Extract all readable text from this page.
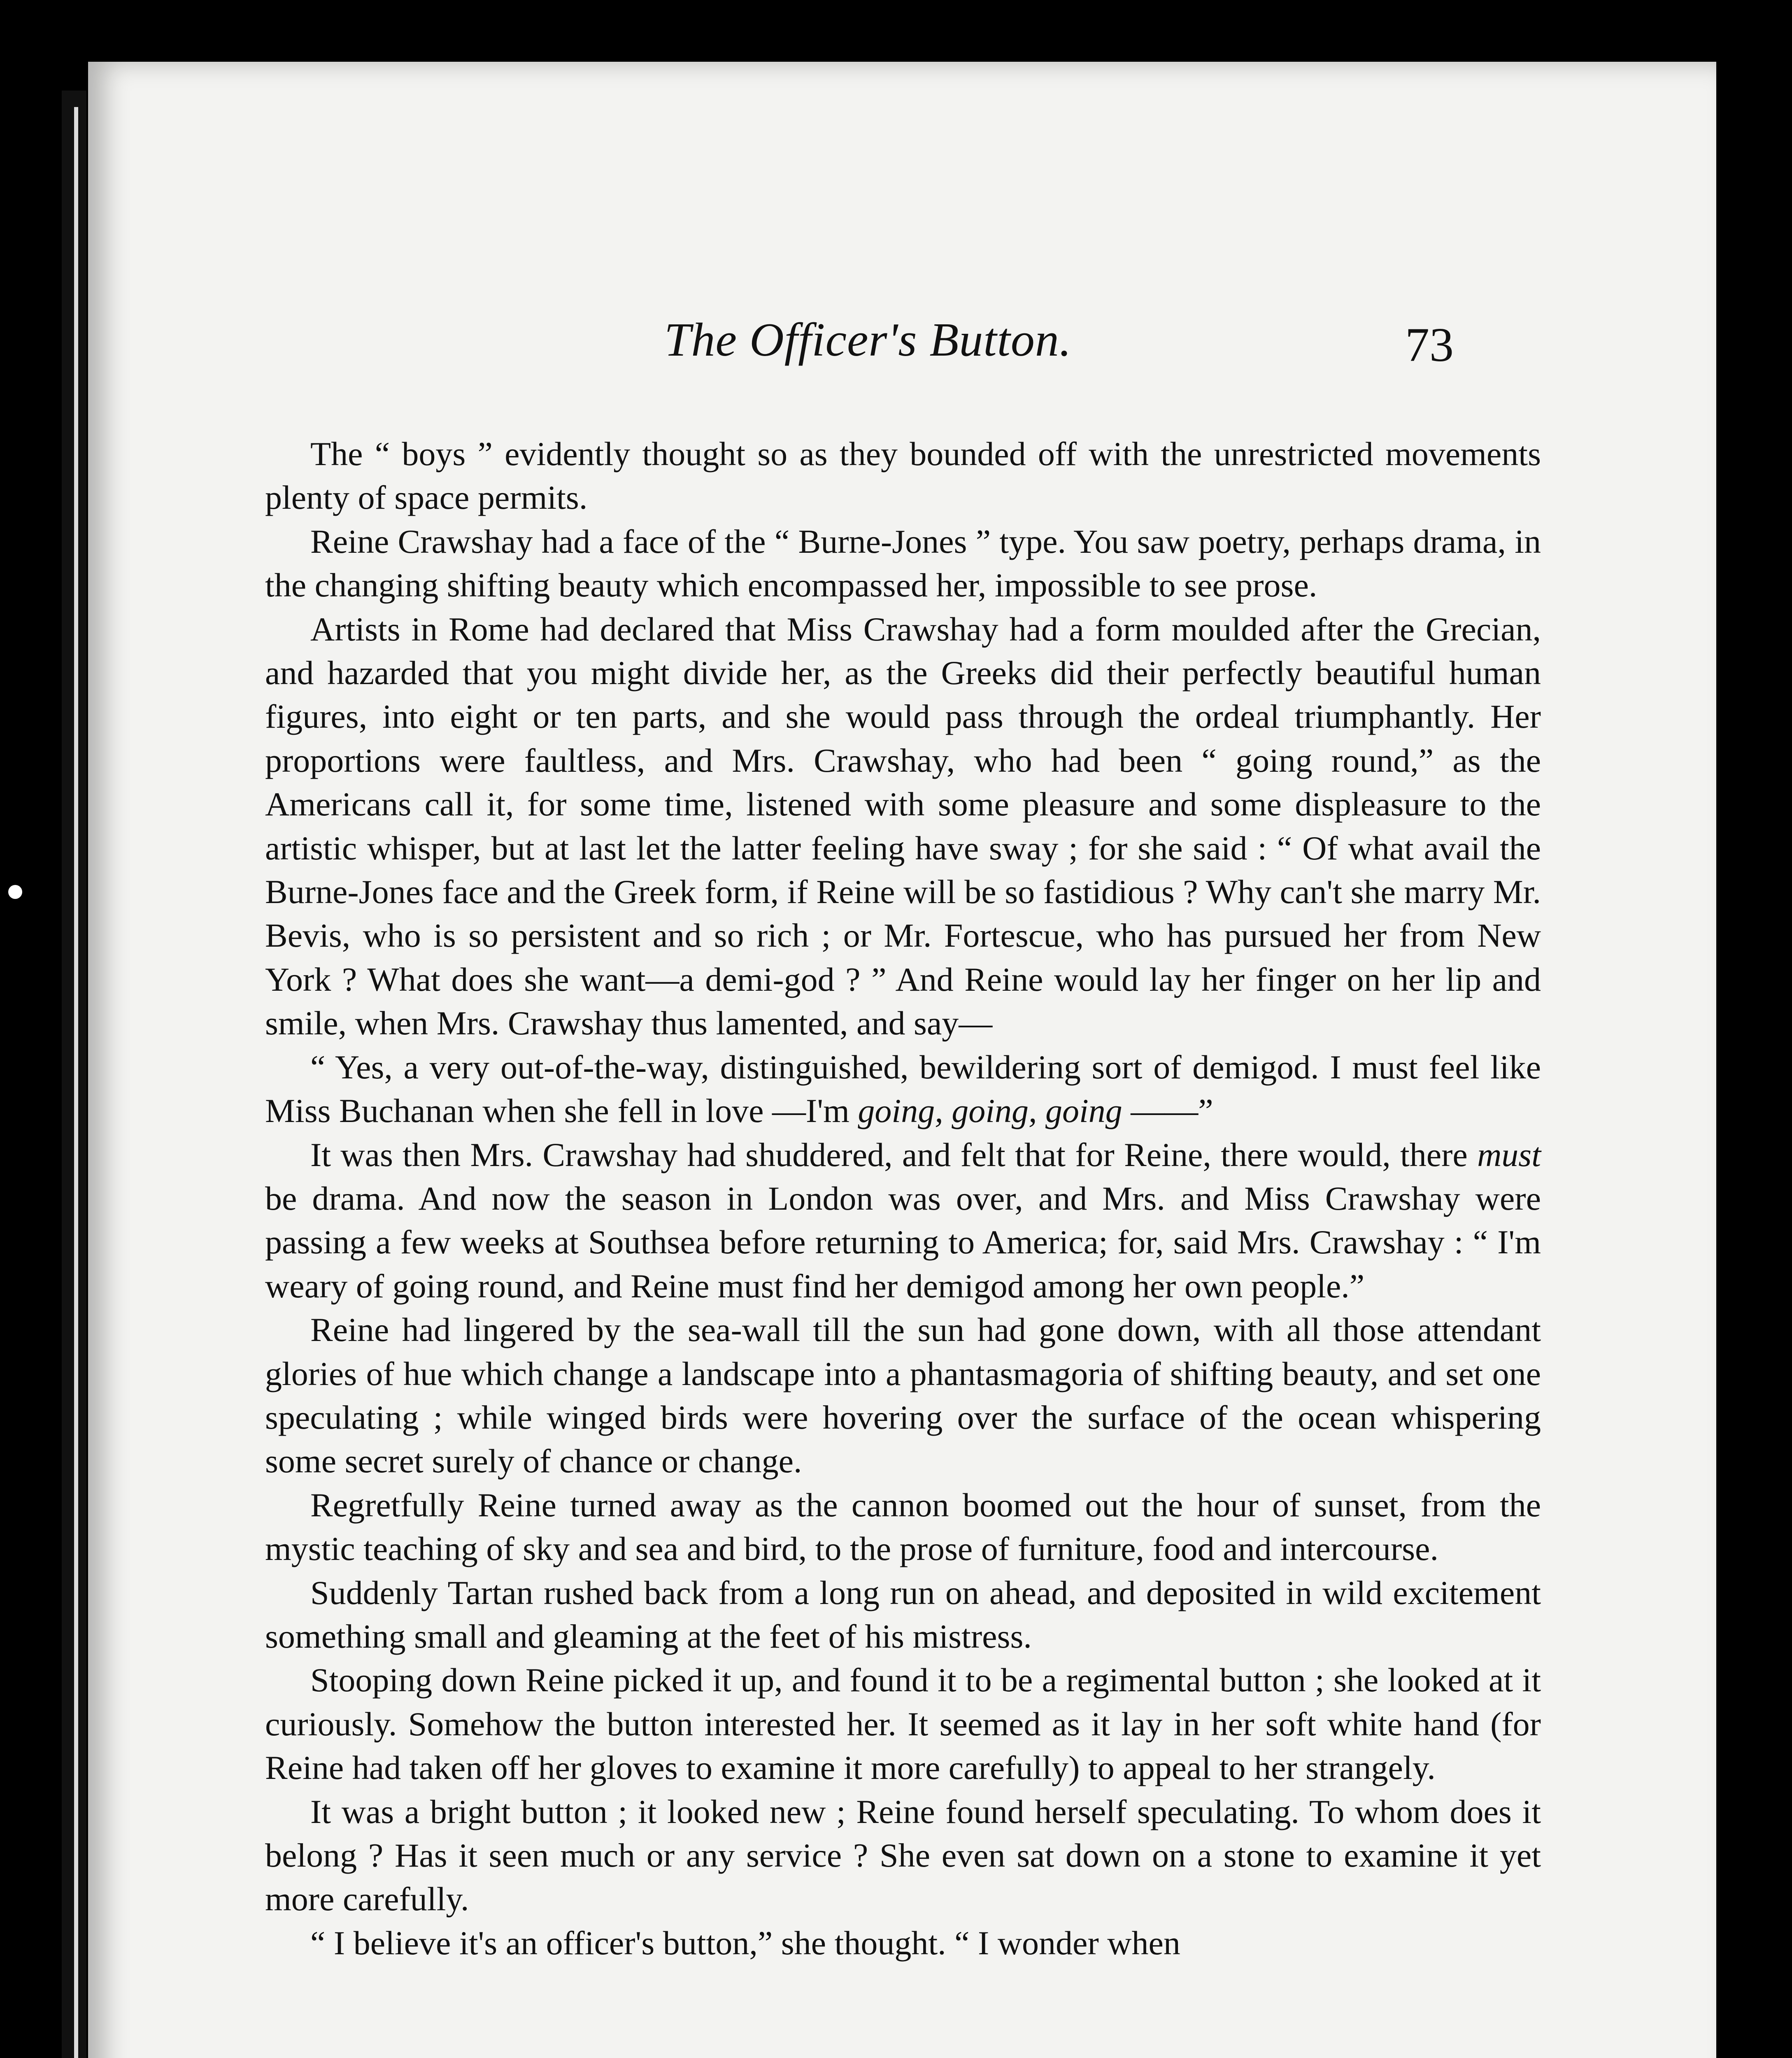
The Officer's Button.	73

The “ boys ” evidently thought so as they bounded off with the unrestricted movements plenty of space permits.

Reine Crawshay had a face of the “ Burne-Jones ” type. You saw poetry, perhaps drama, in the changing shifting beauty which encompassed her, impossible to see prose.

Artists in Rome had declared that Miss Crawshay had a form moulded after the Grecian, and hazarded that you might divide her, as the Greeks did their perfectly beautiful human figures, into eight or ten parts, and she would pass through the ordeal triumphantly. Her proportions were faultless, and Mrs. Crawshay, who had been “ going round,” as the Americans call it, for some time, listened with some pleasure and some displeasure to the artistic whisper, but at last let the latter feeling have sway ; for she said : “ Of what avail the Burne-Jones face and the Greek form, if Reine will be so fastidious ? Why can't she marry Mr. Bevis, who is so persistent and so rich ; or Mr. Fortescue, who has pursued her from New York ? What does she want—a demi-god ? ” And Reine would lay her finger on her lip and smile, when Mrs. Crawshay thus lamented, and say—

“ Yes, a very out-of-the-way, distinguished, bewildering sort of demigod. I must feel like Miss Buchanan when she fell in love —I'm going, going, going ——”

It was then Mrs. Crawshay had shuddered, and felt that for Reine, there would, there must be drama. And now the season in London was over, and Mrs. and Miss Crawshay were passing a few weeks at Southsea before returning to America; for, said Mrs. Crawshay : “ I'm weary of going round, and Reine must find her demigod among her own people.”

Reine had lingered by the sea-wall till the sun had gone down, with all those attendant glories of hue which change a landscape into a phantasmagoria of shifting beauty, and set one speculating ; while winged birds were hovering over the surface of the ocean whispering some secret surely of chance or change.

Regretfully Reine turned away as the cannon boomed out the hour of sunset, from the mystic teaching of sky and sea and bird, to the prose of furniture, food and intercourse.

Suddenly Tartan rushed back from a long run on ahead, and deposited in wild excitement something small and gleaming at the feet of his mistress.

Stooping down Reine picked it up, and found it to be a regimental button ; she looked at it curiously. Somehow the button interested her. It seemed as it lay in her soft white hand (for Reine had taken off her gloves to examine it more carefully) to appeal to her strangely.

It was a bright button ; it looked new ; Reine found herself speculating. To whom does it belong ? Has it seen much or any service ? She even sat down on a stone to examine it yet more carefully.

“ I believe it's an officer's button,” she thought. “ I wonder when
